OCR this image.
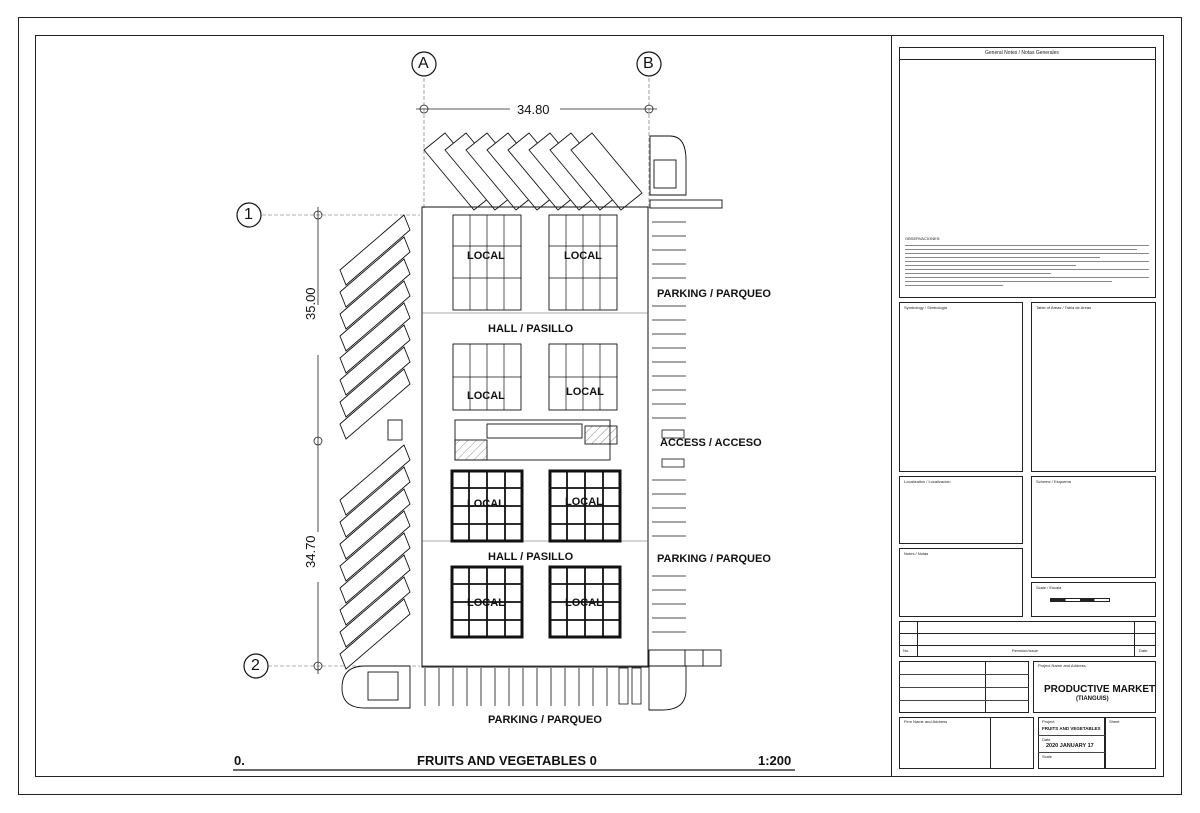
A	B
1
2
34.80
35.00
34.70
LOCAL	LOCAL
LOCAL	LOCAL
LOCAL	LOCAL
LOCAL	LOCAL
HALL / PASILLO
HALL / PASILLO
PARKING / PARQUEO
PARKING / PARQUEO
ACCESS / ACCESO
PARKING / PARQUEO
0.	FRUITS AND VEGETABLES 0	1:200
General Notes / Notas Generales
OBSERVACIONES:
Symbology / Simbologia	Table of Areas / Tabla de Areas
Localization / Localizacion	Scheme / Esquema
Notes / Notas
Scale / Escala
No.	Revision/Issue	Date
Project Name and Address
PRODUCTIVE MARKET
(TIANGUIS)
Firm Name and Address	Project
FRUITS AND VEGETABLES
Date
2020 JANUARY 17
Scale
Sheet
